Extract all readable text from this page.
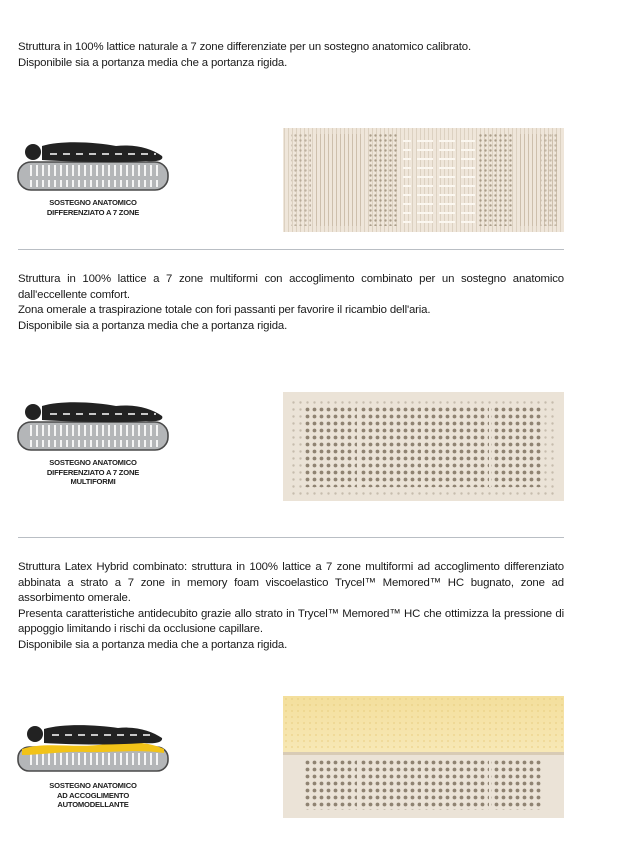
Struttura in 100% lattice naturale a 7 zone differenziate per un sostegno anatomico calibrato.

Disponibile sia a portanza media che a portanza rigida.

SOSTEGNO ANATOMICO
DIFFERENZIATO A 7 ZONE

Struttura in 100% lattice a 7 zone multiformi con accoglimento combinato per un sostegno anatomico dall'eccellente comfort.

Zona omerale a traspirazione totale con fori passanti per favorire il ricambio dell'aria.

Disponibile sia a portanza media che a portanza rigida.

SOSTEGNO ANATOMICO
DIFFERENZIATO A 7 ZONE
MULTIFORMI

Struttura Latex Hybrid combinato: struttura in 100% lattice a 7 zone multiformi ad accoglimento differenziato abbinata a strato a 7 zone in memory foam viscoelastico Trycel™ Memored™ HC bugnato, zone ad assorbimento omerale.

Presenta caratteristiche antidecubito grazie allo strato in Trycel™ Memored™ HC che ottimizza la pressione di appoggio limitando i rischi da occlusione capillare.

Disponibile sia a portanza media che a portanza rigida.

SOSTEGNO ANATOMICO
AD ACCOGLIMENTO
AUTOMODELLANTE
